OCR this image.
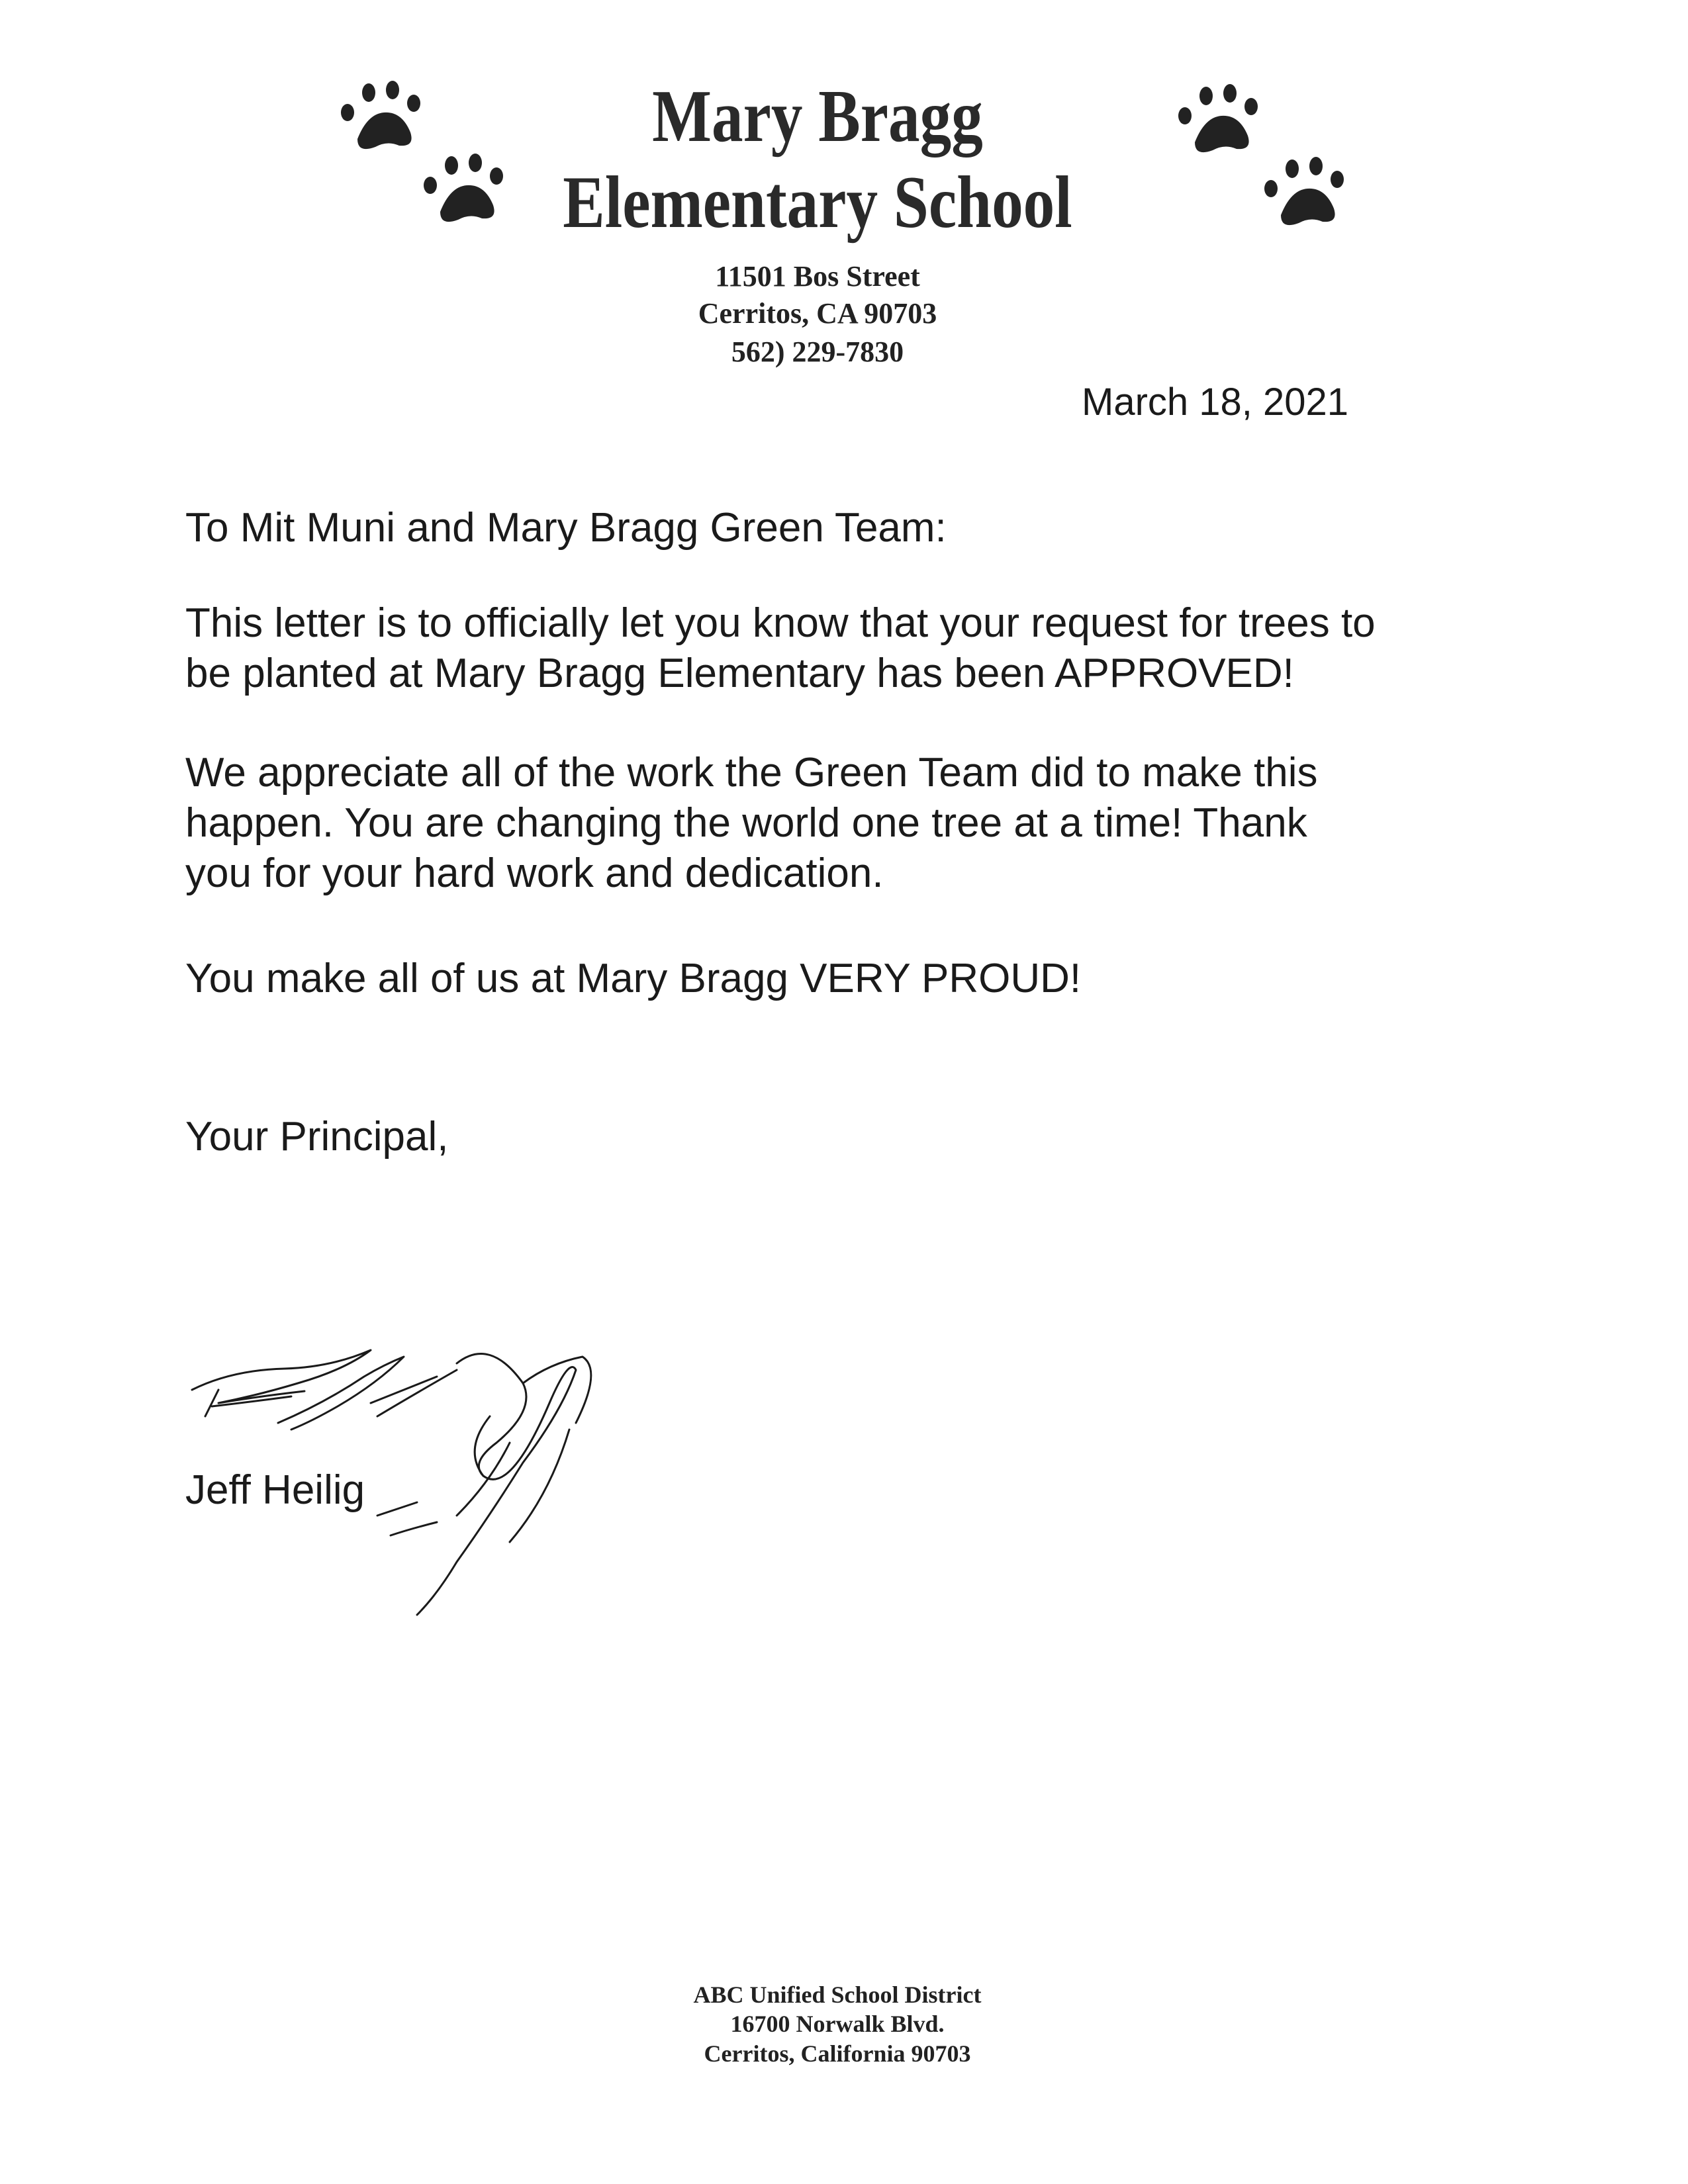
Mary Bragg
Elementary School
11501 Bos Street
Cerritos, CA 90703
562) 229-7830
March 18, 2021
To Mit Muni and Mary Bragg Green Team:
This letter is to officially let you know that your request for trees to
be planted at Mary Bragg Elementary has been APPROVED!
We appreciate all of the work the Green Team did to make this
happen. You are changing the world one tree at a time! Thank
you for your hard work and dedication.
You make all of us at Mary Bragg VERY PROUD!
Your Principal,
Jeff Heilig
ABC Unified School District
16700 Norwalk Blvd.
Cerritos, California 90703
